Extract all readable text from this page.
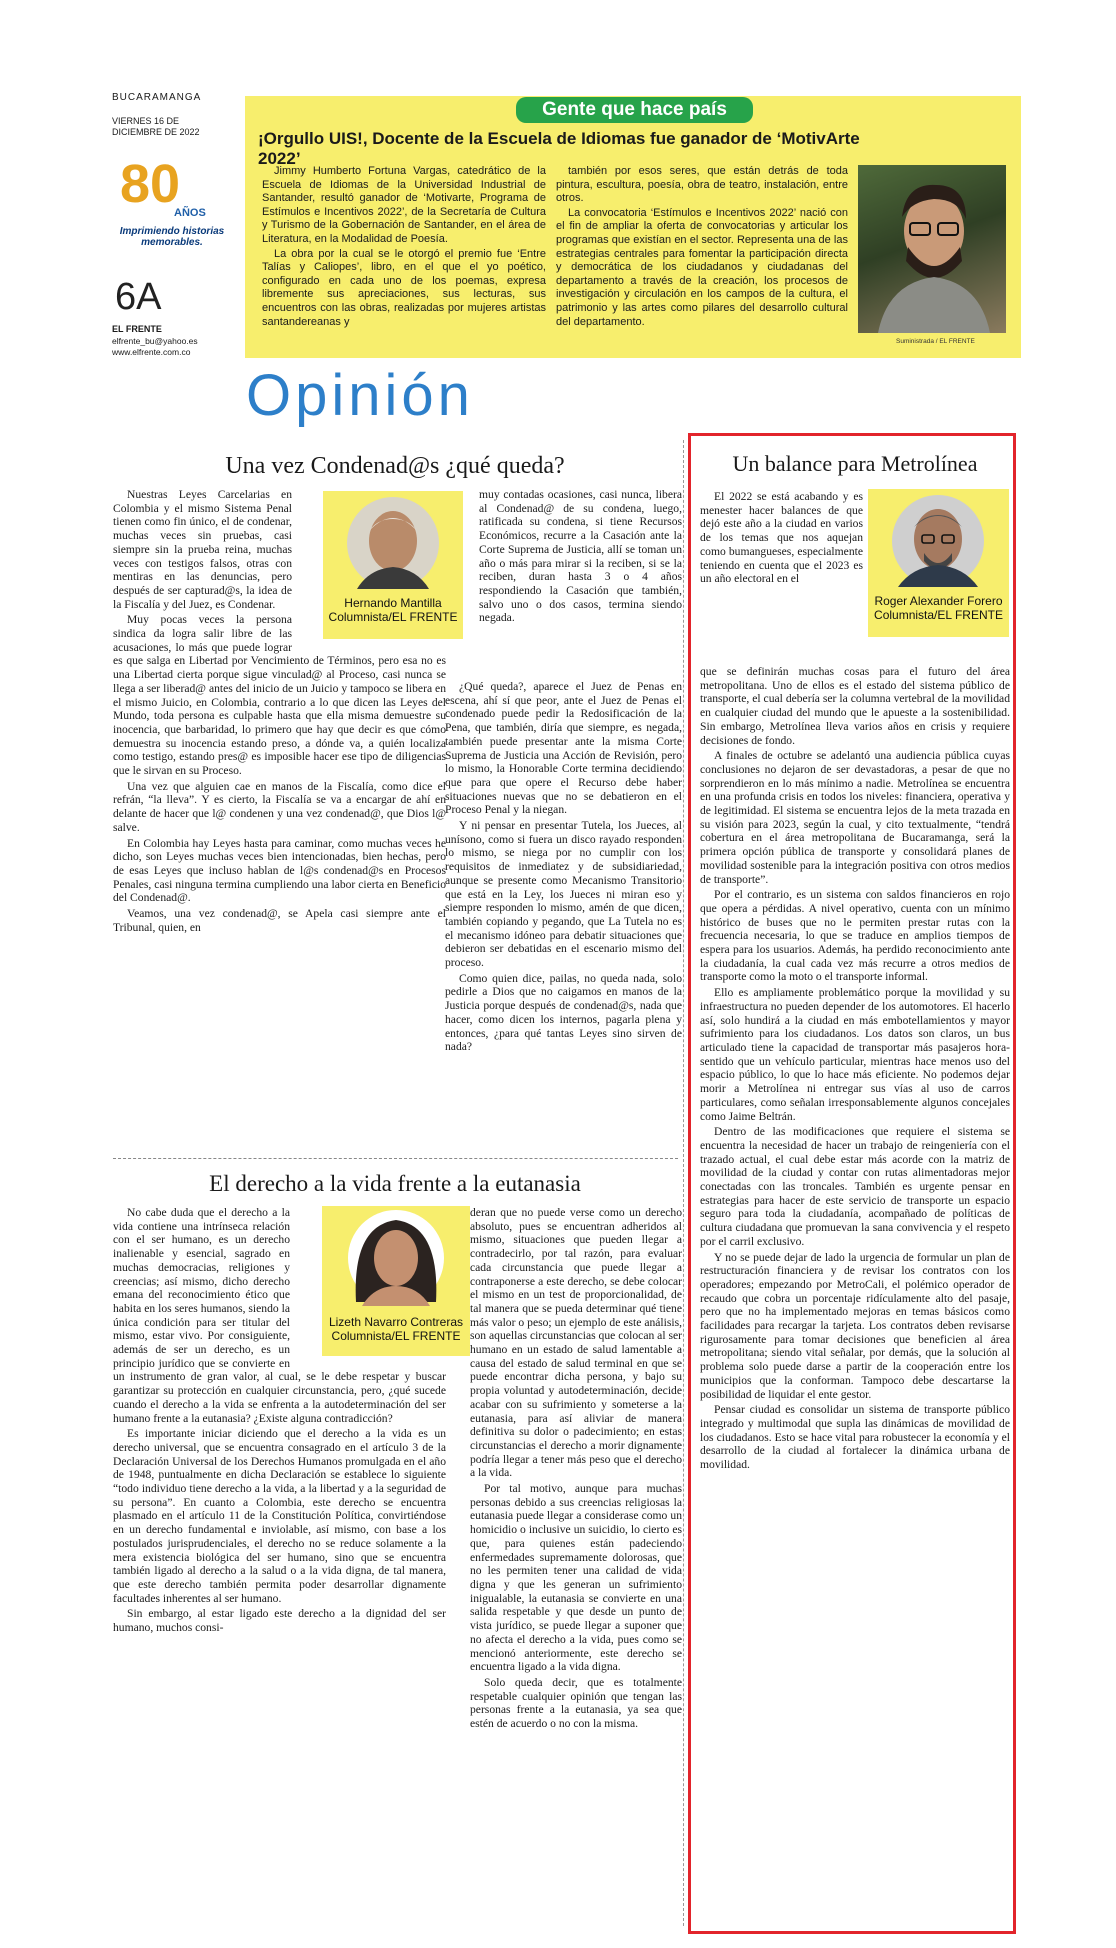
BUCARAMANGA
VIERNES 16 DE DICIEMBRE DE 2022
80
AÑOS
Imprimiendo historias
memorables.
6A
EL FRENTE
elfrente_bu@yahoo.es
www.elfrente.com.co
Gente que hace país
¡Orgullo UIS!, Docente de la Escuela de Idiomas fue ganador de ‘MotivArte 2022’

Jimmy Humberto Fortuna Vargas, catedrático de la Escuela de Idiomas de la Universidad Industrial de Santander, resultó ganador de ‘Motivarte, Programa de Estímulos e Incentivos 2022’, de la Secretaría de Cultura y Turismo de la Gobernación de Santander, en el área de Literatura, en la Modalidad de Poesía.

La obra por la cual se le otorgó el premio fue ‘Entre Talías y Caliopes’, libro, en el que el yo poético, configurado en cada uno de los poemas, expresa libremente sus apreciaciones, sus lecturas, sus encuentros con las obras, realizadas por mujeres artistas santandereanas y

también por esos seres, que están detrás de toda pintura, escultura, poesía, obra de teatro, instalación, entre otros.

La convocatoria ‘Estímulos e Incentivos 2022’ nació con el fin de ampliar la oferta de convocatorias y articular los programas que existían en el sector. Representa una de las estrategias centrales para fomentar la participación directa y democrática de los ciudadanos y ciudadanas del departamento a través de la creación, los procesos de investigación y circulación en los campos de la cultura, el patrimonio y las artes como pilares del desarrollo cultural del departamento.

Suministrada / EL FRENTE
Opinión
Una vez Condenad@s ¿qué queda?

Nuestras Leyes Carcelarias en Colombia y el mismo Sistema Penal tienen como fin único, el de condenar, muchas veces sin pruebas, casi siempre sin la prueba reina, muchas veces con testigos falsos, otras con mentiras en las denuncias, pero después de ser capturad@s, la idea de la Fiscalía y del Juez, es Condenar.

Muy pocas veces la persona sindica da logra salir libre de las acusaciones, lo más que puede lograr es que salga en Libertad por Vencimiento de Términos, pero esa no es una Libertad cierta porque sigue vinculad@ al Proceso, casi nunca se llega a ser liberad@ antes del inicio de un Juicio y tampoco se libera en el mismo Juicio, en Colombia, contrario a lo que dicen las Leyes del Mundo, toda persona es culpable hasta que ella misma demuestre su inocencia, que barbaridad, lo primero que hay que decir es que cómo demuestra su inocencia estando preso, a dónde va, a quién localiza como testigo, estando pres@ es imposible hacer ese tipo de diligencias que le sirvan en su Proceso.

Una vez que alguien cae en manos de la Fiscalía, como dice el refrán, “la lleva”. Y es cierto, la Fiscalía se va a encargar de ahí en delante de hacer que l@ condenen y una vez condenad@, que Dios l@ salve.

En Colombia hay Leyes hasta para caminar, como muchas veces he dicho, son Leyes muchas veces bien intencionadas, bien hechas, pero de esas Leyes que incluso hablan de l@s condenad@s en Procesos Penales, casi ninguna termina cumpliendo una labor cierta en Beneficio del Condenad@.

Veamos, una vez condenad@, se Apela casi siempre ante el Tribunal, quien, en

Hernando Mantilla
Columnista/EL FRENTE

muy contadas ocasiones, casi nunca, libera al Condenad@ de su condena, luego, ratificada su condena, si tiene Recursos Económicos, recurre a la Casación ante la Corte Suprema de Justicia, allí se toman un año o más para mirar si la reciben, si se la reciben, duran hasta 3 o 4 años respondiendo la Casación que también, salvo uno o dos casos, termina siendo negada.

¿Qué queda?, aparece el Juez de Penas en escena, ahí sí que peor, ante el Juez de Penas el condenado puede pedir la Redosificación de la Pena, que también, diría que siempre, es negada, también puede presentar ante la misma Corte Suprema de Justicia una Acción de Revisión, pero lo mismo, la Honorable Corte termina decidiendo que para que opere el Recurso debe haber situaciones nuevas que no se debatieron en el Proceso Penal y la niegan.

Y ni pensar en presentar Tutela, los Jueces, al unísono, como si fuera un disco rayado responden lo mismo, se niega por no cumplir con los requisitos de inmediatez y de subsidiariedad, aunque se presente como Mecanismo Transitorio que está en la Ley, los Jueces ni miran eso y siempre responden lo mismo, amén de que dicen, también copiando y pegando, que La Tutela no es el mecanismo idóneo para debatir situaciones que debieron ser debatidas en el escenario mismo del proceso.

Como quien dice, pailas, no queda nada, solo pedirle a Dios que no caigamos en manos de la Justicia porque después de condenad@s, nada que hacer, como dicen los internos, pagarla plena y entonces, ¿para qué tantas Leyes sino sirven de nada?

El derecho a la vida frente a la eutanasia

No cabe duda que el derecho a la vida contiene una intrínseca relación con el ser humano, es un derecho inalienable y esencial, sagrado en muchas democracias, religiones y creencias; así mismo, dicho derecho emana del reconocimiento ético que habita en los seres humanos, siendo la única condición para ser titular del mismo, estar vivo. Por consiguiente, además de ser un derecho, es un principio jurídico que se convierte en un instrumento de gran valor, al cual, se le debe respetar y buscar garantizar su protección en cualquier circunstancia, pero, ¿qué sucede cuando el derecho a la vida se enfrenta a la autodeterminación del ser humano frente a la eutanasia? ¿Existe alguna contradicción?

Es importante iniciar diciendo que el derecho a la vida es un derecho universal, que se encuentra consagrado en el artículo 3 de la Declaración Universal de los Derechos Humanos promulgada en el año de 1948, puntualmente en dicha Declaración se establece lo siguiente “todo individuo tiene derecho a la vida, a la libertad y a la seguridad de su persona”. En cuanto a Colombia, este derecho se encuentra plasmado en el artículo 11 de la Constitución Política, convirtiéndose en un derecho fundamental e inviolable, así mismo, con base a los postulados jurisprudenciales, el derecho no se reduce solamente a la mera existencia biológica del ser humano, sino que se encuentra también ligado al derecho a la salud o a la vida digna, de tal manera, que este derecho también permita poder desarrollar dignamente facultades inherentes al ser humano.

Sin embargo, al estar ligado este derecho a la dignidad del ser humano, muchos consi-

Lizeth Navarro Contreras
Columnista/EL FRENTE

deran que no puede verse como un derecho absoluto, pues se encuentran adheridos al mismo, situaciones que pueden llegar a contradecirlo, por tal razón, para evaluar cada circunstancia que puede llegar a contraponerse a este derecho, se debe colocar el mismo en un test de proporcionalidad, de tal manera que se pueda determinar qué tiene más valor o peso; un ejemplo de este análisis, son aquellas circunstancias que colocan al ser humano en un estado de salud lamentable a causa del estado de salud terminal en que se puede encontrar dicha persona, y bajo su propia voluntad y autodeterminación, decide acabar con su sufrimiento y someterse a la eutanasia, para así aliviar de manera definitiva su dolor o padecimiento; en estas circunstancias el derecho a morir dignamente podría llegar a tener más peso que el derecho a la vida.

Por tal motivo, aunque para muchas personas debido a sus creencias religiosas la eutanasia puede llegar a considerase como un homicidio o inclusive un suicidio, lo cierto es que, para quienes están padeciendo enfermedades supremamente dolorosas, que no les permiten tener una calidad de vida digna y que les generan un sufrimiento inigualable, la eutanasia se convierte en una salida respetable y que desde un punto de vista jurídico, se puede llegar a suponer que no afecta el derecho a la vida, pues como se mencionó anteriormente, este derecho se encuentra ligado a la vida digna.

Solo queda decir, que es totalmente respetable cualquier opinión que tengan las personas frente a la eutanasia, ya sea que estén de acuerdo o no con la misma.

Un balance para Metrolínea

El 2022 se está acabando y es menester hacer balances de que dejó este año a la ciudad en varios de los temas que nos aquejan como bumangueses, especialmente teniendo en cuenta que el 2023 es un año electoral en el

Roger Alexander Forero
Columnista/EL FRENTE

que se definirán muchas cosas para el futuro del área metropolitana. Uno de ellos es el estado del sistema público de transporte, el cual debería ser la columna vertebral de la movilidad en cualquier ciudad del mundo que le apueste a la sostenibilidad. Sin embargo, Metrolínea lleva varios años en crisis y requiere decisiones de fondo.

A finales de octubre se adelantó una audiencia pública cuyas conclusiones no dejaron de ser devastadoras, a pesar de que no sorprendieron en lo más mínimo a nadie. Metrolínea se encuentra en una profunda crisis en todos los niveles: financiera, operativa y de legitimidad. El sistema se encuentra lejos de la meta trazada en su visión para 2023, según la cual, y cito textualmente, “tendrá cobertura en el área metropolitana de Bucaramanga, será la primera opción pública de transporte y consolidará planes de movilidad sostenible para la integración positiva con otros medios de transporte”.

Por el contrario, es un sistema con saldos financieros en rojo que opera a pérdidas. A nivel operativo, cuenta con un mínimo histórico de buses que no le permiten prestar rutas con la frecuencia necesaria, lo que se traduce en amplios tiempos de espera para los usuarios. Además, ha perdido reconocimiento ante la ciudadanía, la cual cada vez más recurre a otros medios de transporte como la moto o el transporte informal.

Ello es ampliamente problemático porque la movilidad y su infraestructura no pueden depender de los automotores. El hacerlo así, solo hundirá a la ciudad en más embotellamientos y mayor sufrimiento para los ciudadanos. Los datos son claros, un bus articulado tiene la capacidad de transportar más pasajeros hora-sentido que un vehículo particular, mientras hace menos uso del espacio público, lo que lo hace más eficiente. No podemos dejar morir a Metrolínea ni entregar sus vías al uso de carros particulares, como señalan irresponsablemente algunos concejales como Jaime Beltrán.

Dentro de las modificaciones que requiere el sistema se encuentra la necesidad de hacer un trabajo de reingeniería con el trazado actual, el cual debe estar más acorde con la matriz de movilidad de la ciudad y contar con rutas alimentadoras mejor conectadas con las troncales. También es urgente pensar en estrategias para hacer de este servicio de transporte un espacio seguro para toda la ciudadanía, acompañado de políticas de cultura ciudadana que promuevan la sana convivencia y el respeto por el carril exclusivo.

Y no se puede dejar de lado la urgencia de formular un plan de restructuración financiera y de revisar los contratos con los operadores; empezando por MetroCali, el polémico operador de recaudo que cobra un porcentaje ridículamente alto del pasaje, pero que no ha implementado mejoras en temas básicos como facilidades para recargar la tarjeta. Los contratos deben revisarse rigurosamente para tomar decisiones que beneficien al área metropolitana; siendo vital señalar, por demás, que la solución al problema solo puede darse a partir de la cooperación entre los municipios que la conforman. Tampoco debe descartarse la posibilidad de liquidar el ente gestor.

Pensar ciudad es consolidar un sistema de transporte público integrado y multimodal que supla las dinámicas de movilidad de los ciudadanos. Esto se hace vital para robustecer la economía y el desarrollo de la ciudad al fortalecer la dinámica urbana de movilidad.
